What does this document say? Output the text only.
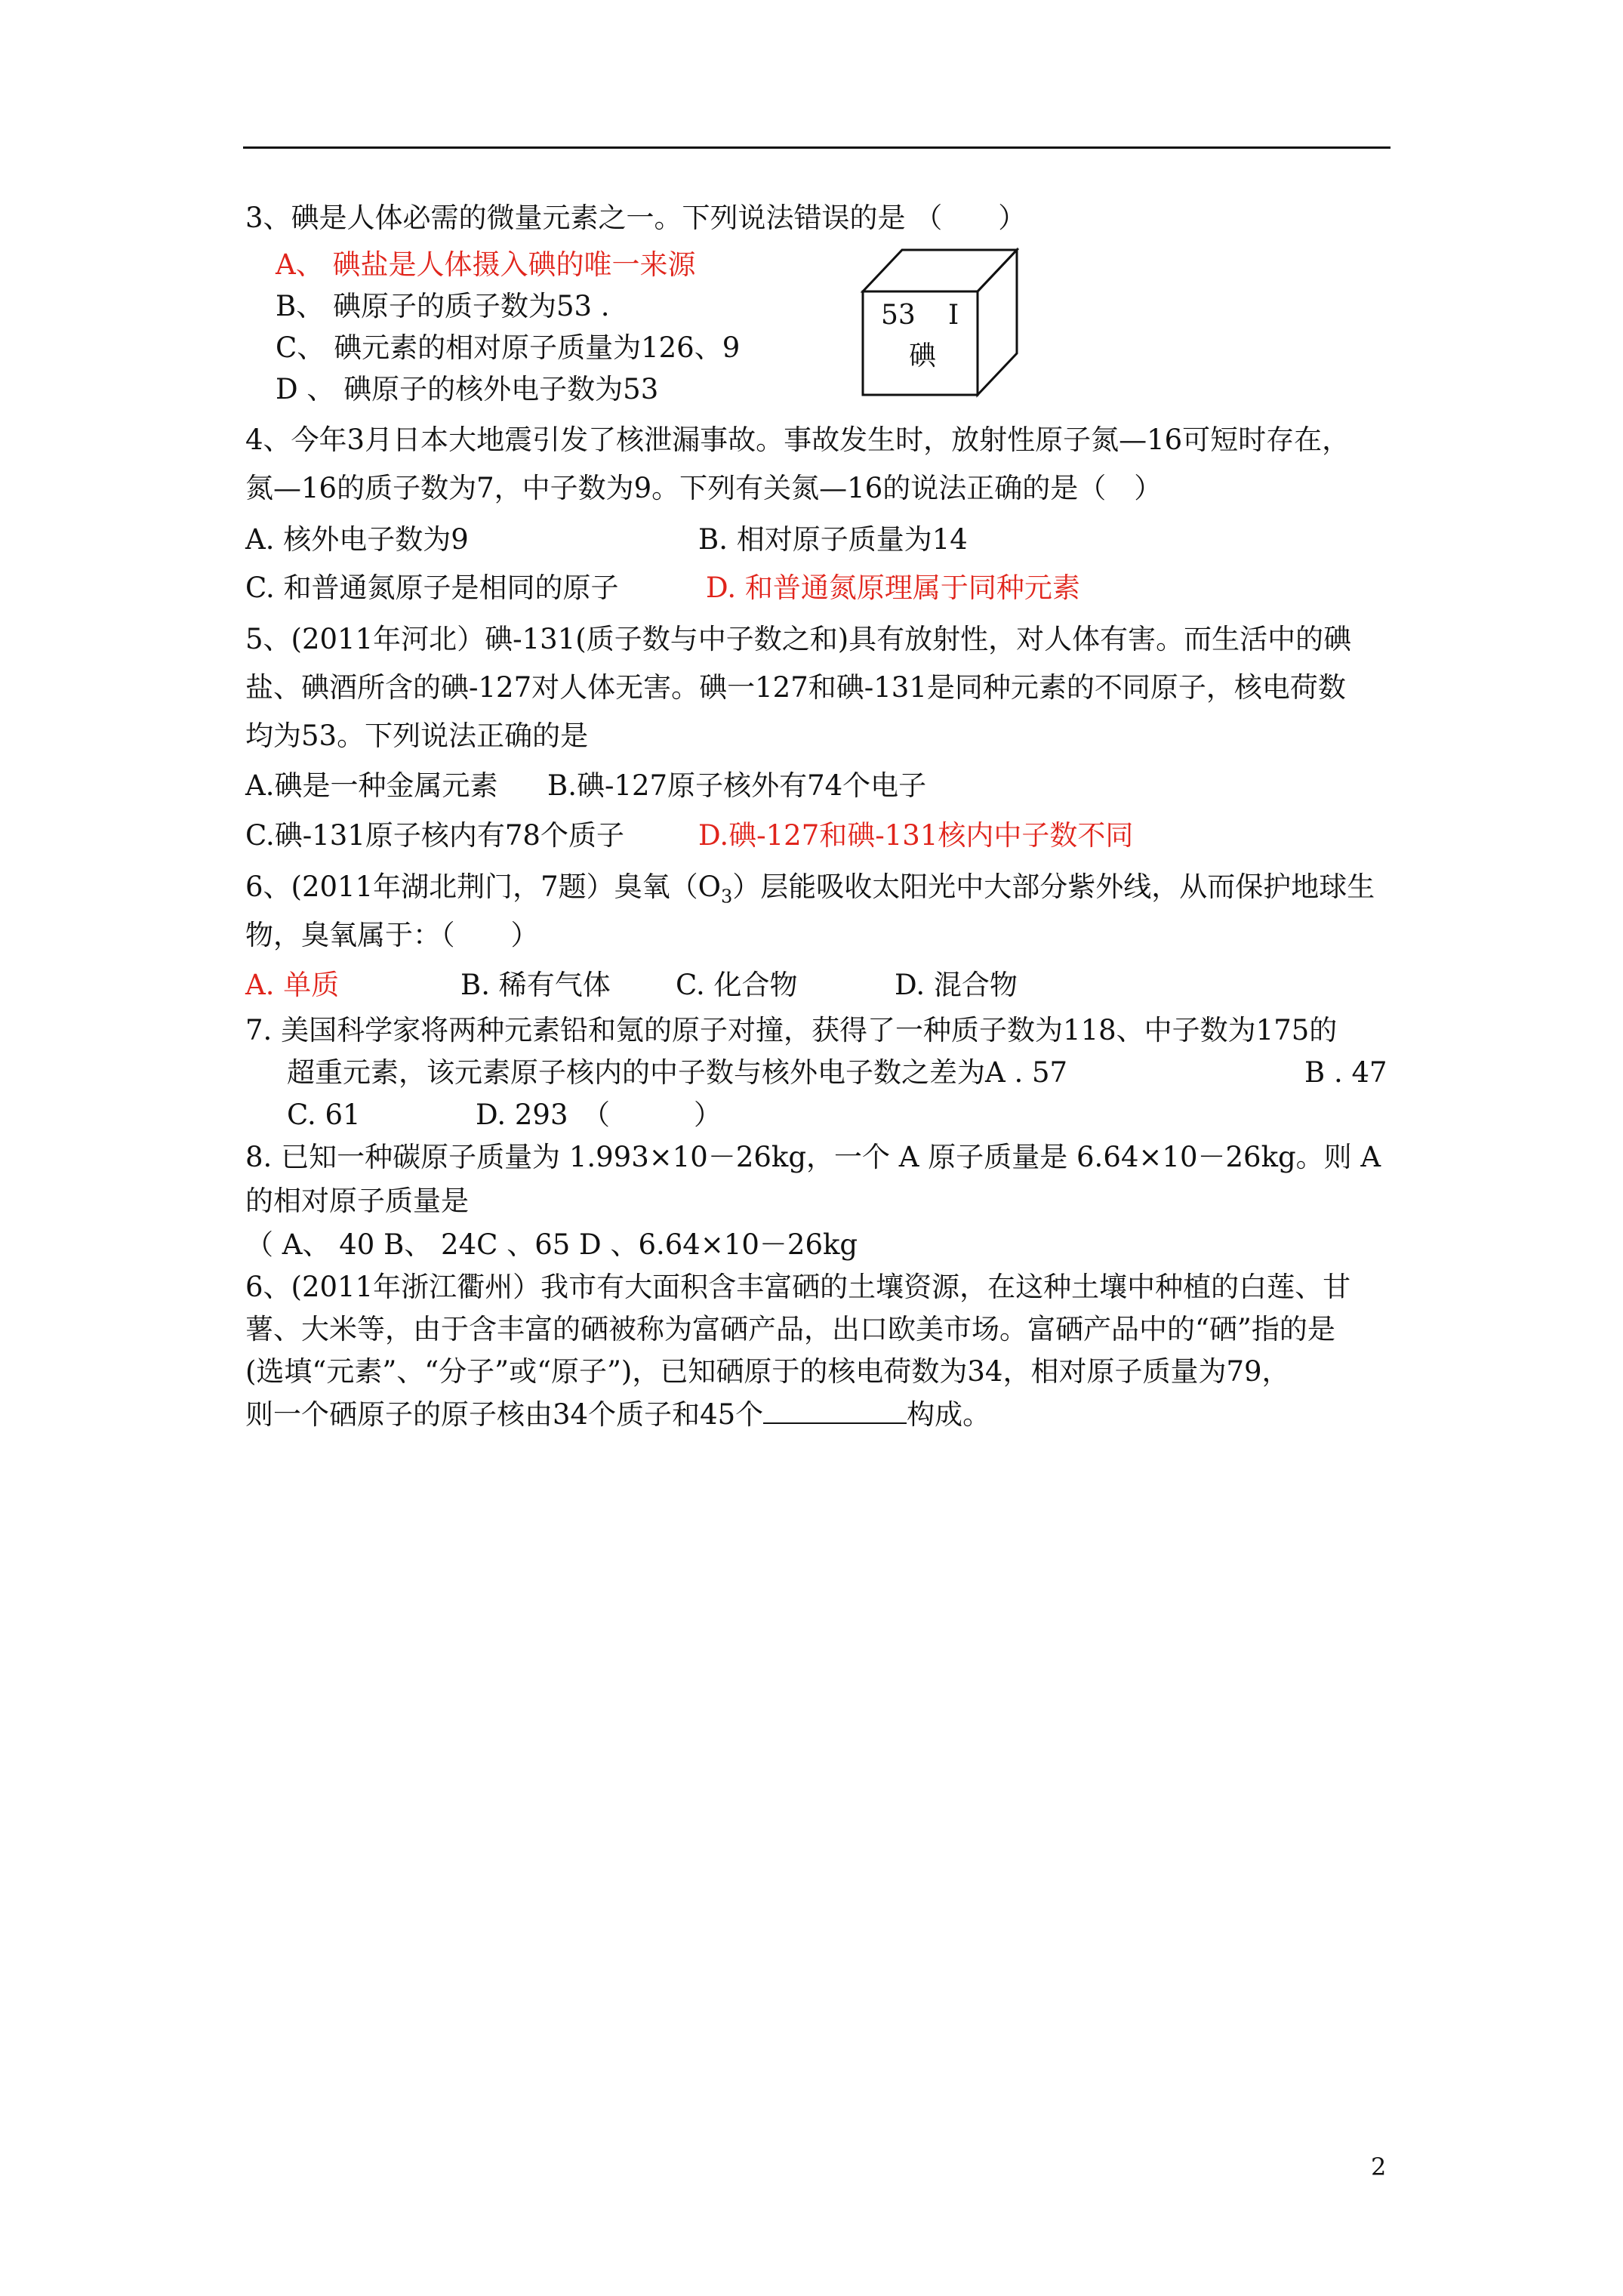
3、碘是人体必需的微量元素之一。下列说法错误的是 （　　）
A、 碘盐是人体摄入碘的唯一来源
B、 碘原子的质子数为53 .
C、 碘元素的相对原子质量为126、9
D 、 碘原子的核外电子数为53
53 I
碘
4、今年3月日本大地震引发了核泄漏事故。事故发生时，放射性原子氮—16可短时存在，
氮—16的质子数为7，中子数为9。下列有关氮—16的说法正确的是（　）
A. 核外电子数为9	B. 相对原子质量为14
C. 和普通氮原子是相同的原子	D. 和普通氮原理属于同种元素
5、(2011年河北）碘-131(质子数与中子数之和)具有放射性，对人体有害。而生活中的碘
盐、碘酒所含的碘-127对人体无害。碘一127和碘-131是同种元素的不同原子，核电荷数
均为53。下列说法正确的是
A.碘是一种金属元素 B.碘-127原子核外有74个电子
C.碘-131原子核内有78个质子	D.碘-127和碘-131核内中子数不同
6、(2011年湖北荆门，7题）臭氧$(O_3)$层能吸收太阳光中大部分紫外线，从而保护地球生
物，臭氧属于：（　　）
A. 单质	B. 稀有气体 C. 化合物	D. 混合物
7. 美国科学家将两种元素铅和氪的原子对撞，获得了一种质子数为118、中子数为175的
超重元素，该元素原子核内的中子数与核外电子数之差为A . 57	B . 47
C. 61	D. 293　（　　　）
8. 已知一种碳原子质量为 1.993×10－26kg，一个 A 原子质量是 6.64×10－26kg。则 A
的相对原子质量是
（ A、 40 B、 24C 、65 D 、6.64×10－26kg
6、(2011年浙江衢州）我市有大面积含丰富硒的土壤资源，在这种土壤中种植的白莲、甘
薯、大米等，由于含丰富的硒被称为富硒产品，出口欧美市场。富硒产品中的“硒”指的是
(选填“元素”、“分子”或“原子”)，已知硒原于的核电荷数为34，相对原子质量为79，
则一个硒原子的原子核由34个质子和45个	构成。
2
